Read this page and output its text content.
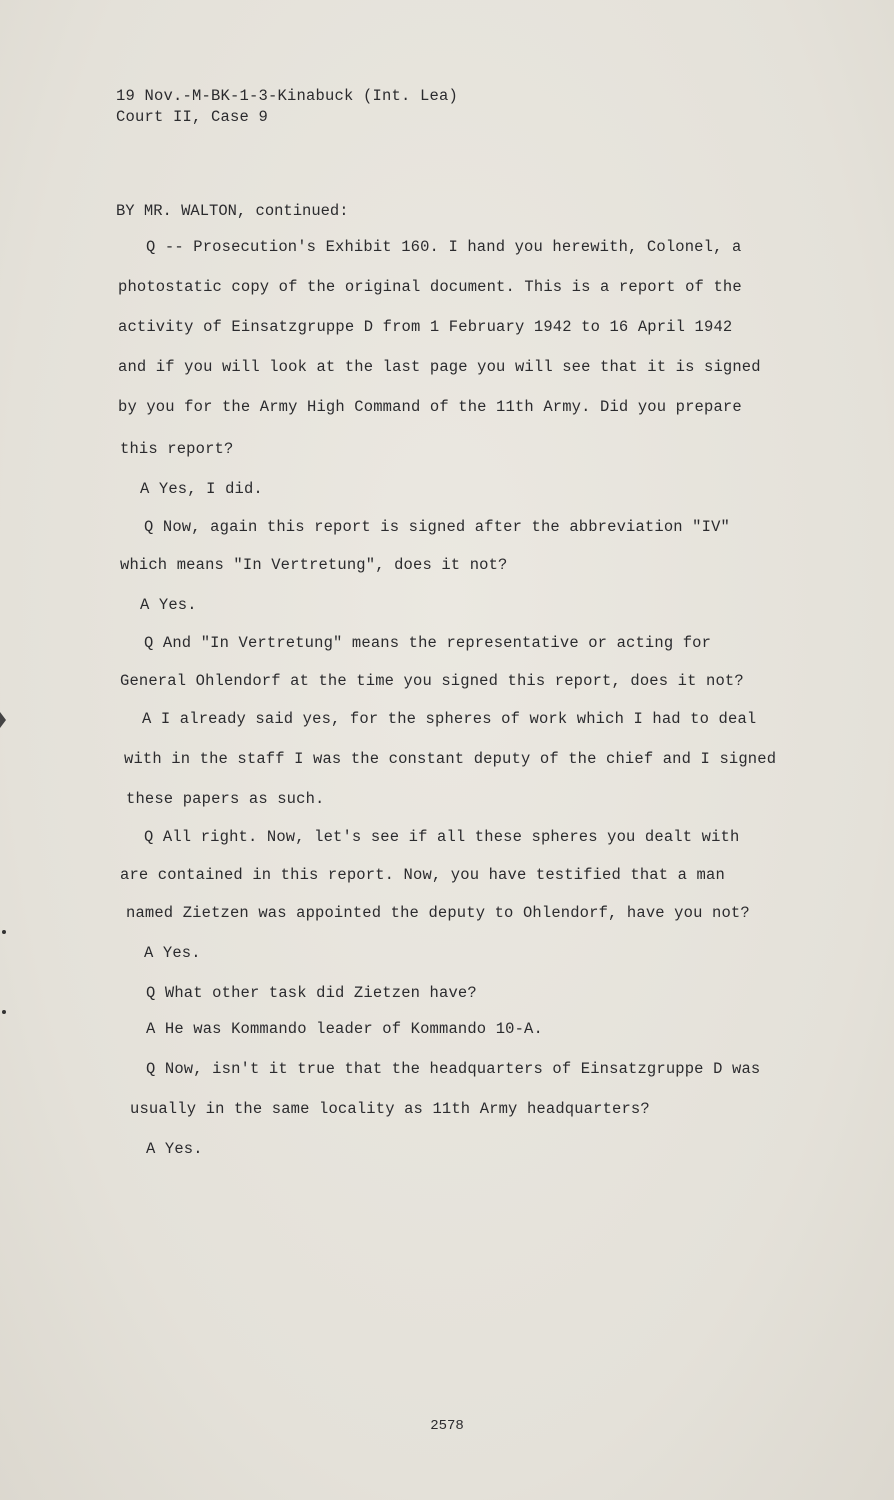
19 Nov.-M-BK-1-3-Kinabuck (Int. Lea)
Court II, Case 9
BY MR. WALTON, continued:
Q -- Prosecution's Exhibit 160. I hand you herewith, Colonel, a
photostatic copy of the original document. This is a report of the
activity of Einsatzgruppe D from 1 February 1942 to 16 April 1942
and if you will look at the last page you will see that it is signed
by you for the Army High Command of the 11th Army. Did you prepare
this report?
A Yes, I did.
Q Now, again this report is signed after the abbreviation "IV"
which means "In Vertretung", does it not?
A Yes.
Q And "In Vertretung" means the representative or acting for
General Ohlendorf at the time you signed this report, does it not?
A I already said yes, for the spheres of work which I had to deal
with in the staff I was the constant deputy of the chief and I signed
these papers as such.
Q All right. Now, let's see if all these spheres you dealt with
are contained in this report. Now, you have testified that a man
named Zietzen was appointed the deputy to Ohlendorf, have you not?
A Yes.
Q What other task did Zietzen have?
A He was Kommando leader of Kommando 10-A.
Q Now, isn't it true that the headquarters of Einsatzgruppe D was
usually in the same locality as 11th Army headquarters?
A Yes.
2578
